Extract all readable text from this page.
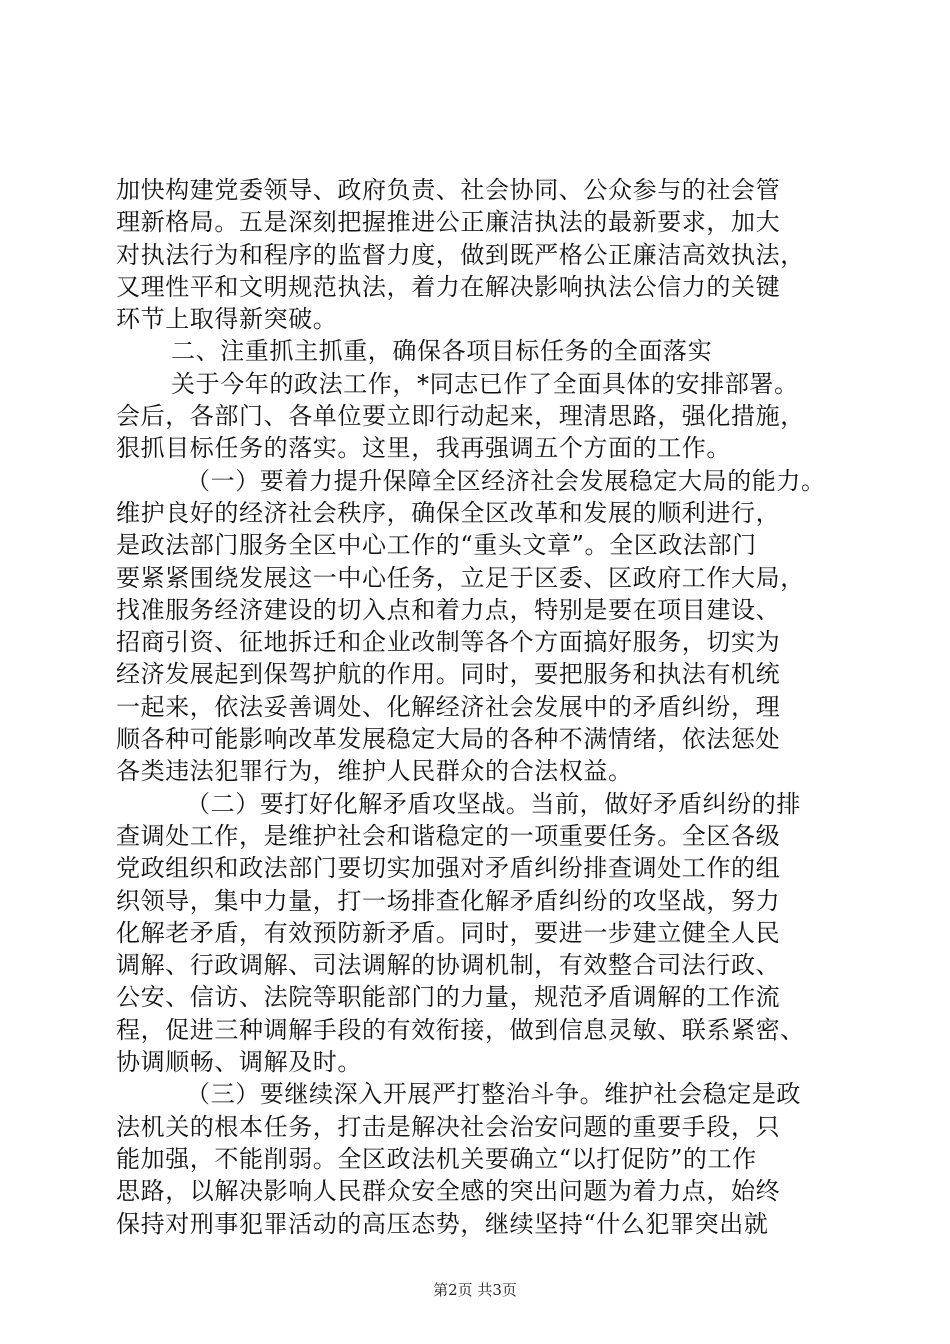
加快构建党委领导、政府负责、社会协同、公众参与的社会管
理新格局。五是深刻把握推进公正廉洁执法的最新要求，加大
对执法行为和程序的监督力度，做到既严格公正廉洁高效执法，
又理性平和文明规范执法，着力在解决影响执法公信力的关键
环节上取得新突破。
二、注重抓主抓重，确保各项目标任务的全面落实
关于今年的政法工作，*同志已作了全面具体的安排部署。
会后，各部门、各单位要立即行动起来，理清思路，强化措施，
狠抓目标任务的落实。这里，我再强调五个方面的工作。
（一）要着力提升保障全区经济社会发展稳定大局的能力。
维护良好的经济社会秩序，确保全区改革和发展的顺利进行，
是政法部门服务全区中心工作的“重头文章”。全区政法部门
要紧紧围绕发展这一中心任务，立足于区委、区政府工作大局，
找准服务经济建设的切入点和着力点，特别是要在项目建设、
招商引资、征地拆迁和企业改制等各个方面搞好服务，切实为
经济发展起到保驾护航的作用。同时，要把服务和执法有机统
一起来，依法妥善调处、化解经济社会发展中的矛盾纠纷，理
顺各种可能影响改革发展稳定大局的各种不满情绪，依法惩处
各类违法犯罪行为，维护人民群众的合法权益。
（二）要打好化解矛盾攻坚战。当前，做好矛盾纠纷的排
查调处工作，是维护社会和谐稳定的一项重要任务。全区各级
党政组织和政法部门要切实加强对矛盾纠纷排查调处工作的组
织领导，集中力量，打一场排查化解矛盾纠纷的攻坚战，努力
化解老矛盾，有效预防新矛盾。同时，要进一步建立健全人民
调解、行政调解、司法调解的协调机制，有效整合司法行政、
公安、信访、法院等职能部门的力量，规范矛盾调解的工作流
程，促进三种调解手段的有效衔接，做到信息灵敏、联系紧密、
协调顺畅、调解及时。
（三）要继续深入开展严打整治斗争。维护社会稳定是政
法机关的根本任务，打击是解决社会治安问题的重要手段，只
能加强，不能削弱。全区政法机关要确立“以打促防”的工作
思路，以解决影响人民群众安全感的突出问题为着力点，始终
保持对刑事犯罪活动的高压态势，继续坚持“什么犯罪突出就
第2页 共3页
